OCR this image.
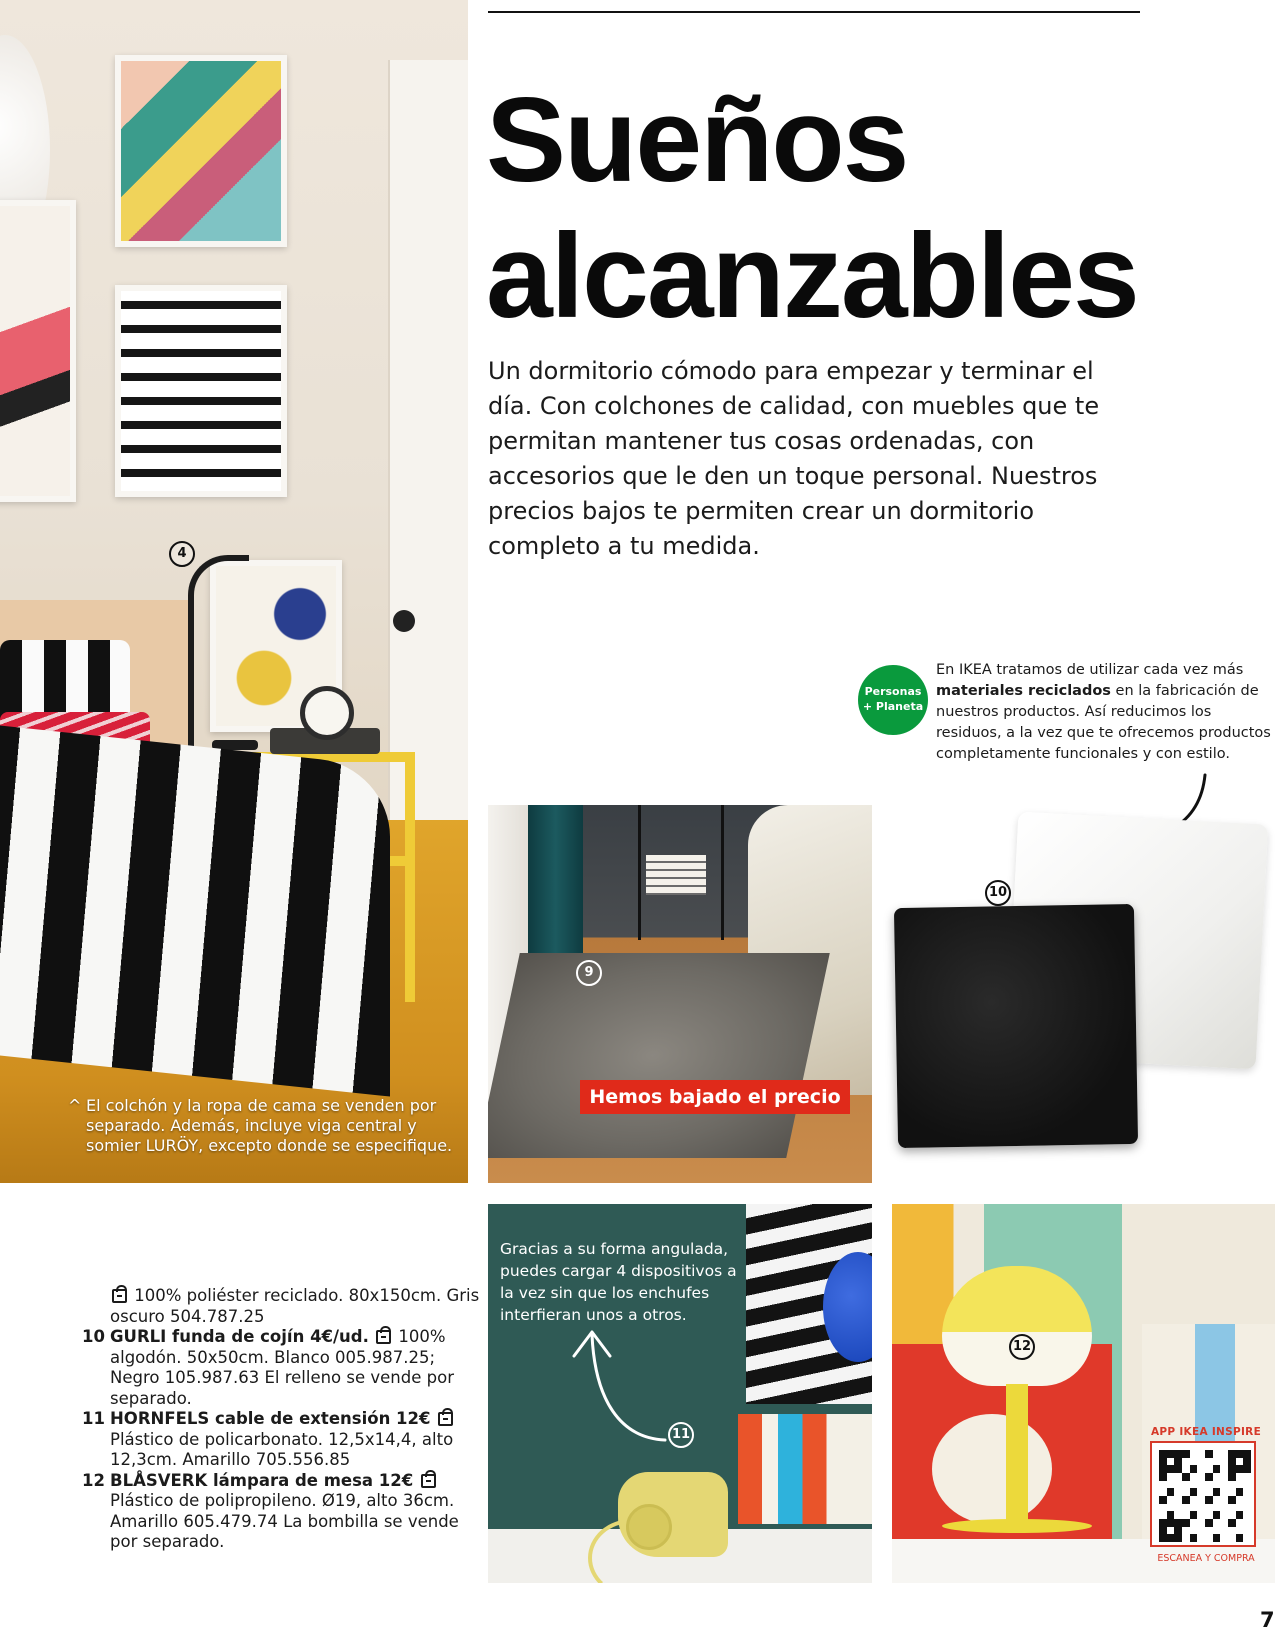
4
^ El colchón y la ropa de cama se venden por separado. Además, incluye viga central y somier LURÖY, excepto donde se especifique.
Sueños alcanzables
Un dormitorio cómodo para empezar y terminar el día. Con colchones de calidad, con muebles que te permitan mantener tus cosas ordenadas, con accesorios que le den un toque personal. Nuestros precios bajos te permiten crear un dormitorio completo a tu medida.
Personas
+ Planeta
En IKEA tratamos de utilizar cada vez más materiales reciclados en la fabricación de nuestros productos. Así reducimos los residuos, a la vez que te ofrecemos productos completamente funcionales y con estilo.
9
Hemos bajado el precio
10
100% poliéster reciclado. 80x150cm. Gris oscuro 504.787.25
10 GURLI funda de cojín 4€/ud. 100% algodón. 50x50cm. Blanco 005.987.25; Negro 105.987.63 El relleno se vende por separado.
11 HORNFELS cable de extensión 12€  Plástico de policarbonato. 12,5x14,4, alto 12,3cm. Amarillo 705.556.85
12 BLÅSVERK lámpara de mesa 12€  Plástico de polipropileno. Ø19, alto 36cm. Amarillo 605.479.74 La bombilla se vende por separado.
11
Gracias a su forma angulada, puedes cargar 4 dispositivos a la vez sin que los enchufes interfieran unos a otros.
12
APP IKEA INSPIRE
ESCANEA Y COMPRA
7
